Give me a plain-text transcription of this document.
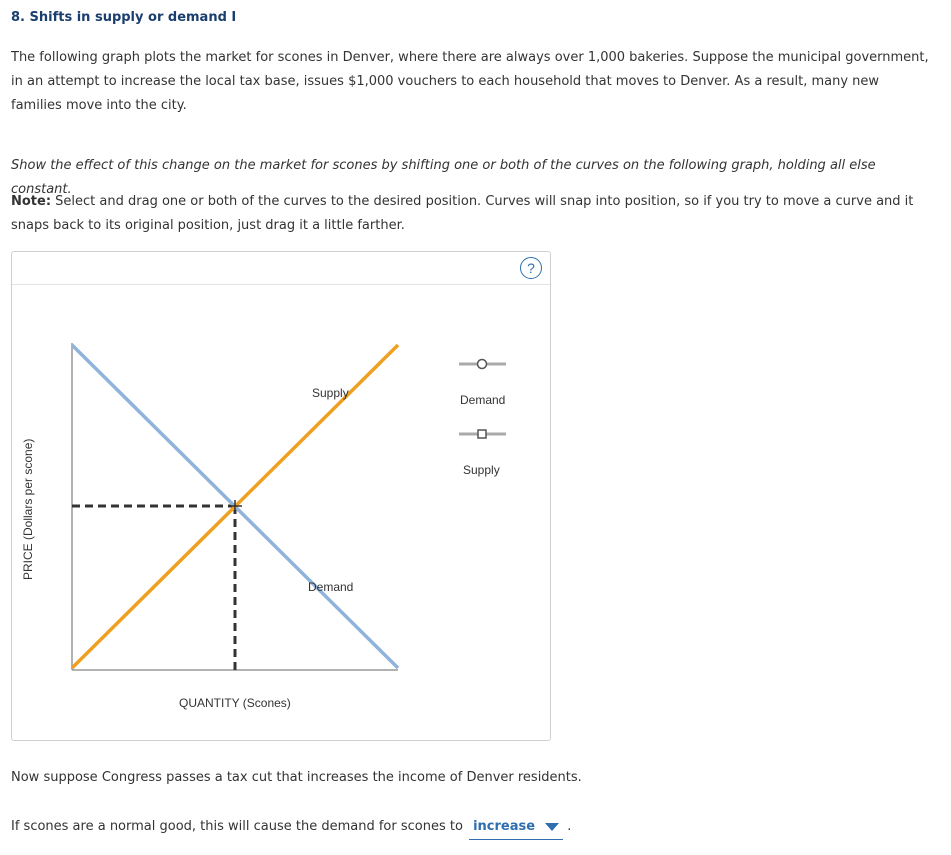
8. Shifts in supply or demand I
The following graph plots the market for scones in Denver, where there are always over 1,000 bakeries. Suppose the municipal government, in an attempt to increase the local tax base, issues $1,000 vouchers to each household that moves to Denver. As a result, many new families move into the city.
Show the effect of this change on the market for scones by shifting one or both of the curves on the following graph, holding all else constant.
Note: Select and drag one or both of the curves to the desired position. Curves will snap into position, so if you try to move a curve and it snaps back to its original position, just drag it a little farther.
?
Supply
Demand
QUANTITY (Scones)
PRICE (Dollars per scone)
Demand
Supply
Now suppose Congress passes a tax cut that increases the income of Denver residents.
If scones are a normal good, this will cause the demand for scones to increase .
